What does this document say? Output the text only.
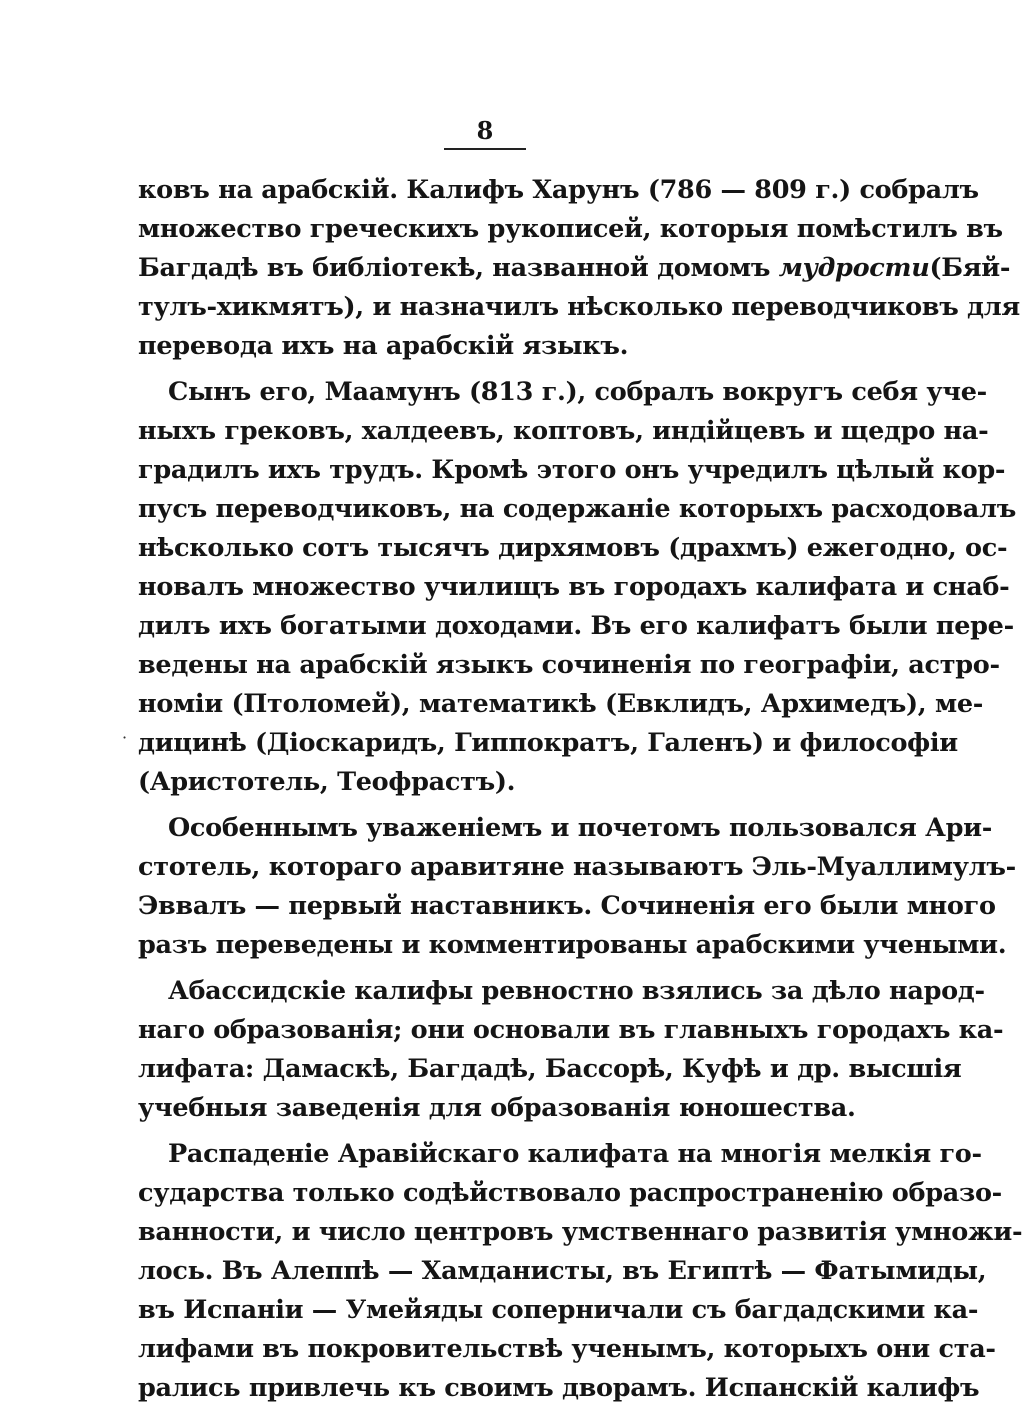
8
·
ковъ на арабскій. Калифъ Харунъ (786 — 809 г.) собралъ
множество греческихъ рукописей, которыя помѣстилъ въ
Багдадѣ въ библіотекѣ, названной домомъ мудрости(Бяй-
тулъ-хикмятъ), и назначилъ нѣсколько переводчиковъ для
перевода ихъ на арабскій языкъ.
Сынъ его, Маамунъ (813 г.), собралъ вокругъ себя уче-
ныхъ грековъ, халдеевъ, коптовъ, индійцевъ и щедро на-
градилъ ихъ трудъ. Кромѣ этого онъ учредилъ цѣлый кор-
пусъ переводчиковъ, на содержаніе которыхъ расходовалъ
нѣсколько сотъ тысячъ дирхямовъ (драхмъ) ежегодно, ос-
новалъ множество училищъ въ городахъ калифата и снаб-
дилъ ихъ богатыми доходами. Въ его калифатъ были пере-
ведены на арабскій языкъ сочиненія по географіи, астро-
номіи (Птоломей), математикѣ (Евклидъ, Архимедъ), ме-
дицинѣ (Діоскаридъ, Гиппократъ, Галенъ) и философіи
(Аристотель, Теофрастъ).
Особеннымъ уваженіемъ и почетомъ пользовался Ари-
стотель, котораго аравитяне называютъ Эль-Муаллимулъ-
Эввалъ — первый наставникъ. Сочиненія его были много
разъ переведены и комментированы арабскими учеными.
Абассидскіе калифы ревностно взялись за дѣло народ-
наго образованія; они основали въ главныхъ городахъ ка-
лифата: Дамаскѣ, Багдадѣ, Бассорѣ, Куфѣ и др. высшія
учебныя заведенія для образованія юношества.
Распаденіе Аравійскаго калифата на многія мелкія го-
сударства только содѣйствовало распространенію образо-
ванности, и число центровъ умственнаго развитія умножи-
лось. Въ Алеппѣ — Хамданисты, въ Египтѣ — Фатымиды,
въ Испаніи — Умейяды соперничали съ багдадскими ка-
лифами въ покровительствѣ ученымъ, которыхъ они ста-
рались привлечь къ своимъ дворамъ. Испанскій калифъ
